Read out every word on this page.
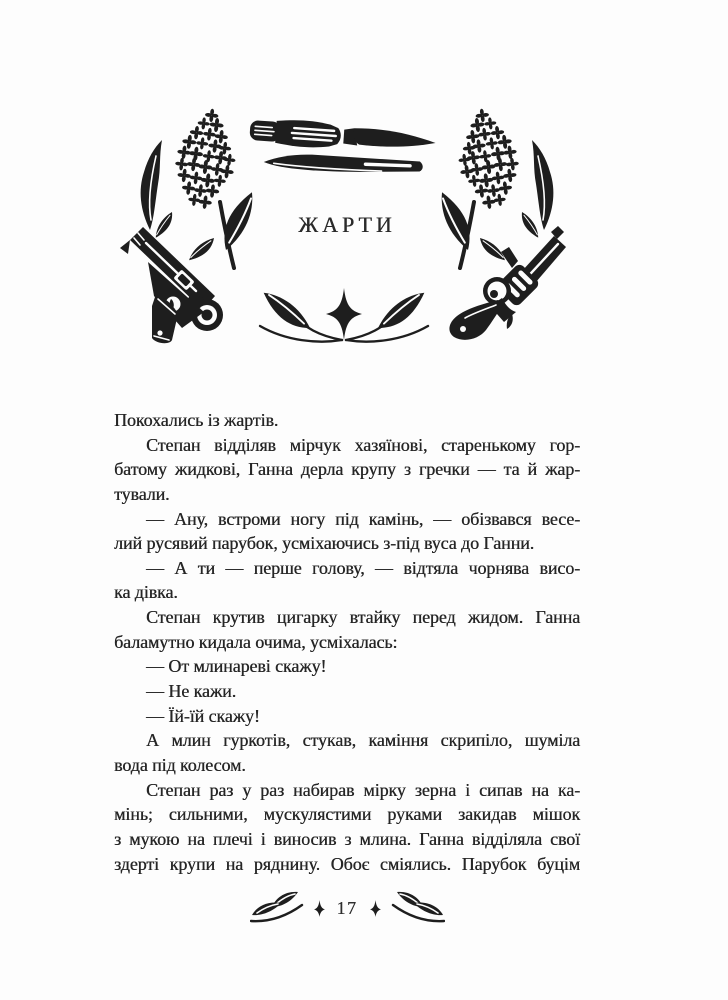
ЖАРТИ
Покохались із жартів.
Степан відділяв мірчук хазяїнові, старенькому гор-
батому жидкові, Ганна дерла крупу з гречки — та й жар-
тували.
— Ану, встроми ногу під камінь, — обізвався весе-
лий русявий парубок, усміхаючись з-під вуса до Ганни.
— А ти — перше голову, — відтяла чорнява висо-
ка дівка.
Степан крутив цигарку втайку перед жидом. Ганна
баламутно кидала очима, усміхалась:
— От млинареві скажу!
— Не кажи.
— Їй-їй скажу!
А млин гуркотів, стукав, каміння скрипіло, шуміла
вода під колесом.
Степан раз у раз набирав мірку зерна і сипав на ка-
мінь; сильними, мускулястими руками закидав мішок
з мукою на плечі і виносив з млина. Ганна відділяла свої
здерті крупи на ряднину. Обоє сміялись. Парубок буцім
17
